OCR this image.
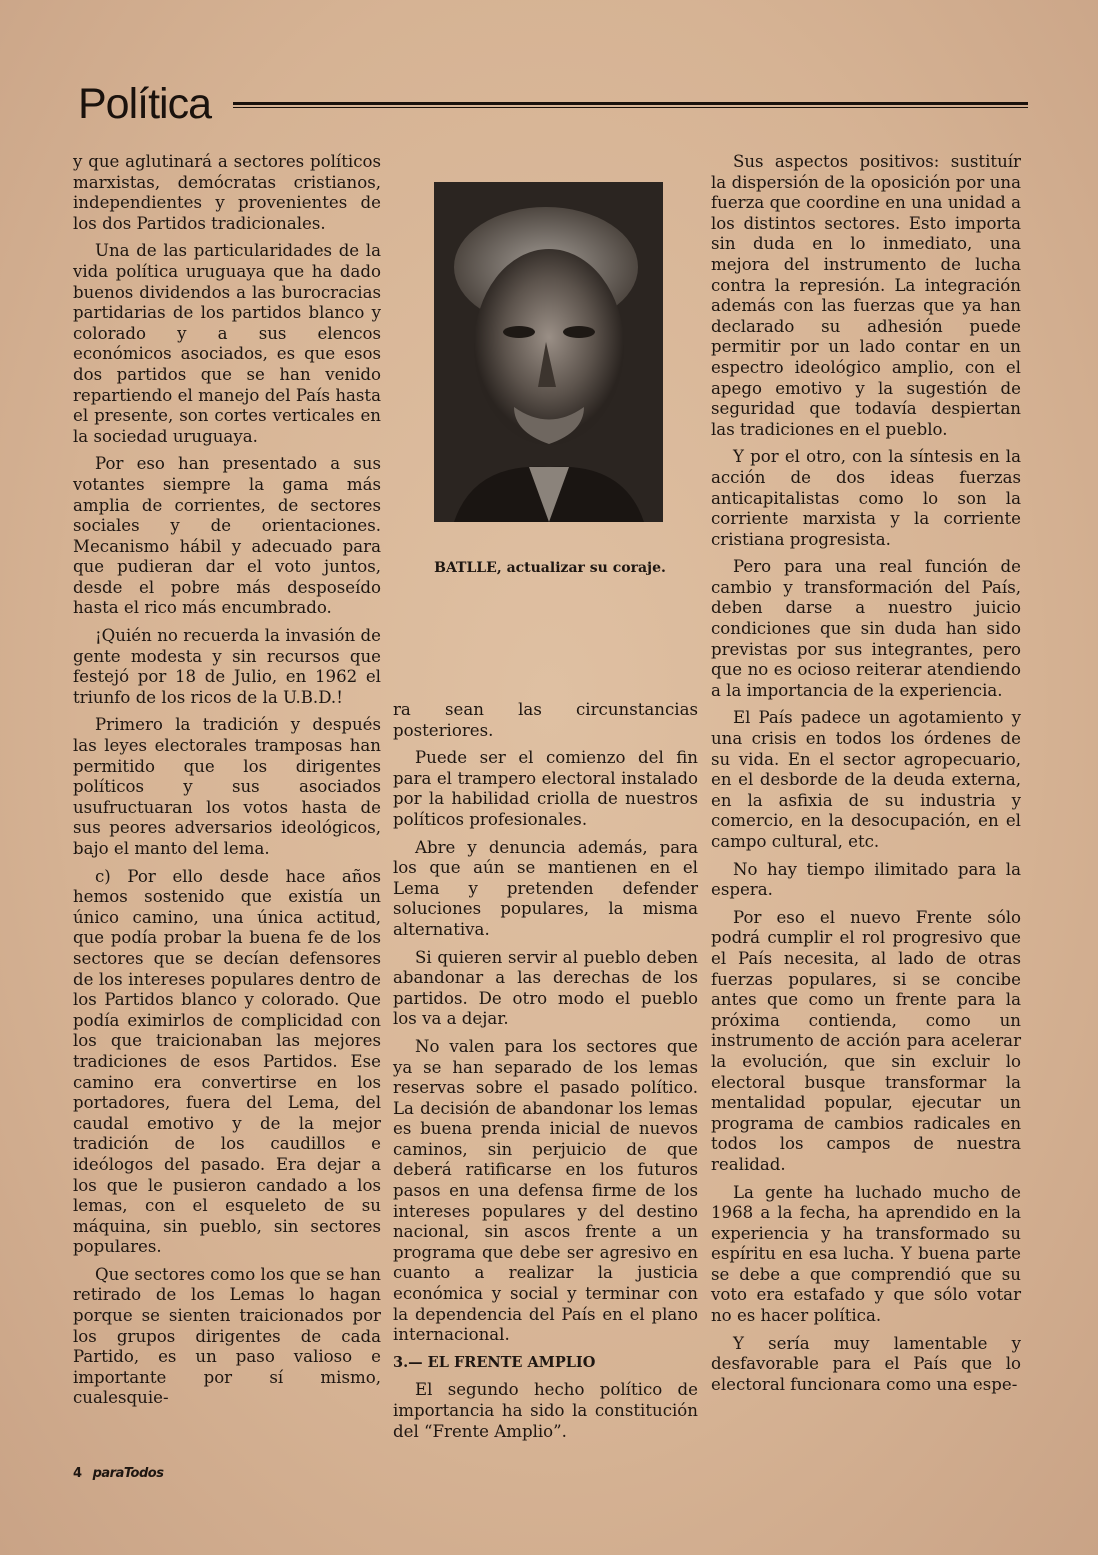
Política

y que aglutinará a sectores políticos marxistas, demócratas cristianos, independientes y provenientes de los dos Partidos tradicionales.

Una de las particularidades de la vida política uruguaya que ha dado buenos dividendos a las burocracias partidarias de los partidos blanco y colorado y a sus elencos económicos asociados, es que esos dos partidos que se han venido repartiendo el manejo del País hasta el presente, son cortes verticales en la sociedad uruguaya.

Por eso han presentado a sus votantes siempre la gama más amplia de corrientes, de sectores sociales y de orientaciones. Mecanismo hábil y adecuado para que pudieran dar el voto juntos, desde el pobre más desposeído hasta el rico más encumbrado.

¡Quién no recuerda la invasión de gente modesta y sin recursos que festejó por 18 de Julio, en 1962 el triunfo de los ricos de la U.B.D.!

Primero la tradición y después las leyes electorales tramposas han permitido que los dirigentes políticos y sus asociados usufructuaran los votos hasta de sus peores adversarios ideológicos, bajo el manto del lema.

c) Por ello desde hace años hemos sostenido que existía un único camino, una única actitud, que podía probar la buena fe de los sectores que se decían defensores de los intereses populares dentro de los Partidos blanco y colorado. Que podía eximirlos de complicidad con los que traicionaban las mejores tradiciones de esos Partidos. Ese camino era convertirse en los portadores, fuera del Lema, del caudal emotivo y de la mejor tradición de los caudillos e ideólogos del pasado. Era dejar a los que le pusieron candado a los lemas, con el esqueleto de su máquina, sin pueblo, sin sectores populares.

Que sectores como los que se han retirado de los Lemas lo hagan porque se sienten traicionados por los grupos dirigentes de cada Partido, es un paso valioso e importante por sí mismo, cualesquie-

BATLLE, actualizar su coraje.

ra sean las circunstancias posteriores.

Puede ser el comienzo del fin para el trampero electoral instalado por la habilidad criolla de nuestros políticos profesionales.

Abre y denuncia además, para los que aún se mantienen en el Lema y pretenden defender soluciones populares, la misma alternativa.

Si quieren servir al pueblo deben abandonar a las derechas de los partidos. De otro modo el pueblo los va a dejar.

No valen para los sectores que ya se han separado de los lemas reservas sobre el pasado político. La decisión de abandonar los lemas es buena prenda inicial de nuevos caminos, sin perjuicio de que deberá ratificarse en los futuros pasos en una defensa firme de los intereses populares y del destino nacional, sin ascos frente a un programa que debe ser agresivo en cuanto a realizar la justicia económica y social y terminar con la dependencia del País en el plano internacional.

3.— EL FRENTE AMPLIO

El segundo hecho político de importancia ha sido la constitución del “Frente Amplio”.

Sus aspectos positivos: sustituír la dispersión de la oposición por una fuerza que coordine en una unidad a los distintos sectores. Esto importa sin duda en lo inmediato, una mejora del instrumento de lucha contra la represión. La integración además con las fuerzas que ya han declarado su adhesión puede permitir por un lado contar en un espectro ideológico amplio, con el apego emotivo y la sugestión de seguridad que todavía despiertan las tradiciones en el pueblo.

Y por el otro, con la síntesis en la acción de dos ideas fuerzas anticapitalistas como lo son la corriente marxista y la corriente cristiana progresista.

Pero para una real función de cambio y transformación del País, deben darse a nuestro juicio condiciones que sin duda han sido previstas por sus integrantes, pero que no es ocioso reiterar atendiendo a la importancia de la experiencia.

El País padece un agotamiento y una crisis en todos los órdenes de su vida. En el sector agropecuario, en el desborde de la deuda externa, en la asfixia de su industria y comercio, en la desocupación, en el campo cultural, etc.

No hay tiempo ilimitado para la espera.

Por eso el nuevo Frente sólo podrá cumplir el rol progresivo que el País necesita, al lado de otras fuerzas populares, si se concibe antes que como un frente para la próxima contienda, como un instrumento de acción para acelerar la evolución, que sin excluir lo electoral busque transformar la mentalidad popular, ejecutar un programa de cambios radicales en todos los campos de nuestra realidad.

La gente ha luchado mucho de 1968 a la fecha, ha aprendido en la experiencia y ha transformado su espíritu en esa lucha. Y buena parte se debe a que comprendió que su voto era estafado y que sólo votar no es hacer política.

Y sería muy lamentable y desfavorable para el País que lo electoral funcionara como una espe-

4 paraTodos
